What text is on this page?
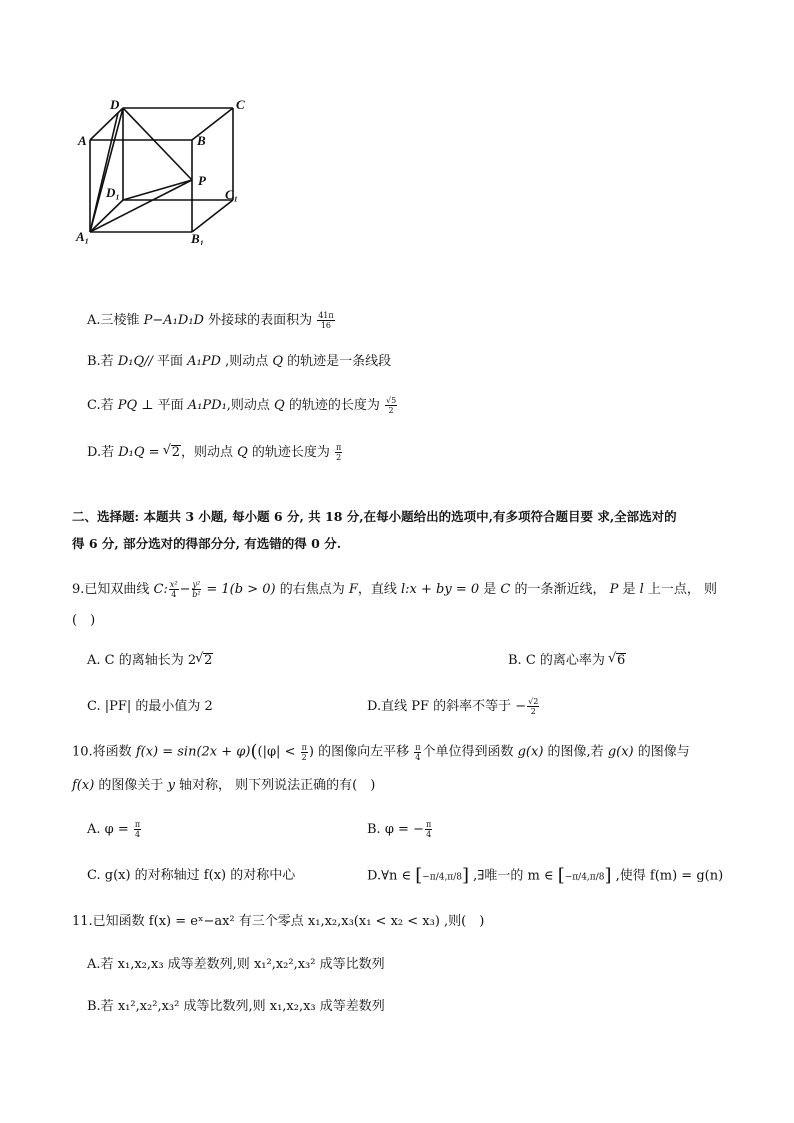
D	C
A	B
P
D₁	C₁
A₁	B₁
A.三棱锥 P−A₁D₁D 外接球的表面积为 $\frac{41\pi}{16}$
B.若 D₁Q// 平面 A₁PD ,则动点 Q 的轨迹是一条线段
C.若 PQ ⊥ 平面 A₁PD₁,则动点 Q 的轨迹的长度为 $\frac{√5}{2}$
D.若 D₁Q = √ 2，则动点 Q 的轨迹长度为 $\frac{\pi}{2}$
二、选择题: 本题共 3 小题, 每小题 6 分, 共 18 分,在每小题给出的选项中,有多项符合题目要 求,全部选对的
得 6 分, 部分选对的得部分分, 有选错的得 0 分.
9.已知双曲线 C: $\frac{\text{x²}}{4} - \frac{\text{y²}}{\text{b²}} = 1(b > 0)$ 的右焦点为 F，直线 l:x + by = 0 是 C 的一条渐近线， P 是 l 上一点， 则
(　)
A. C 的离轴长为 2√ 2	B. C 的离心率为 √ 6
C. |PF| 的最小值为 2	D.直线 PF 的斜率不等于 − $\frac{√2}{2}$
10.将函数 $f(x) = \sin(2x + \varphi)((|\varphi| < \frac{\pi}{2}$ ) 的图像向左平移 $\frac{\pi}{4}$ 个单位得到函数 g(x) 的图像,若 g(x) 的图像与
f(x) 的图像关于 y 轴对称， 则下列说法正确的有(　)
A. $\varphi = \frac{\pi}{4}$	B. φ = − $\frac{\pi}{4}$
C. g(x) 的对称轴过 f(x) 的对称中心	D.∀n ∈ [−π/4,π/8] ,∃唯一的 m ∈ [−π/4,π/8] ,使得 f(m) = g(n)
11.已知函数 f(x) = eˣ−ax² 有三个零点 x₁,x₂,x₃(x₁ < x₂ < x₃) ,则(　)
A.若 x₁,x₂,x₃ 成等差数列,则 x₁²,x₂²,x₃² 成等比数列
B.若 x₁²,x₂²,x₃² 成等比数列,则 x₁,x₂,x₃ 成等差数列
